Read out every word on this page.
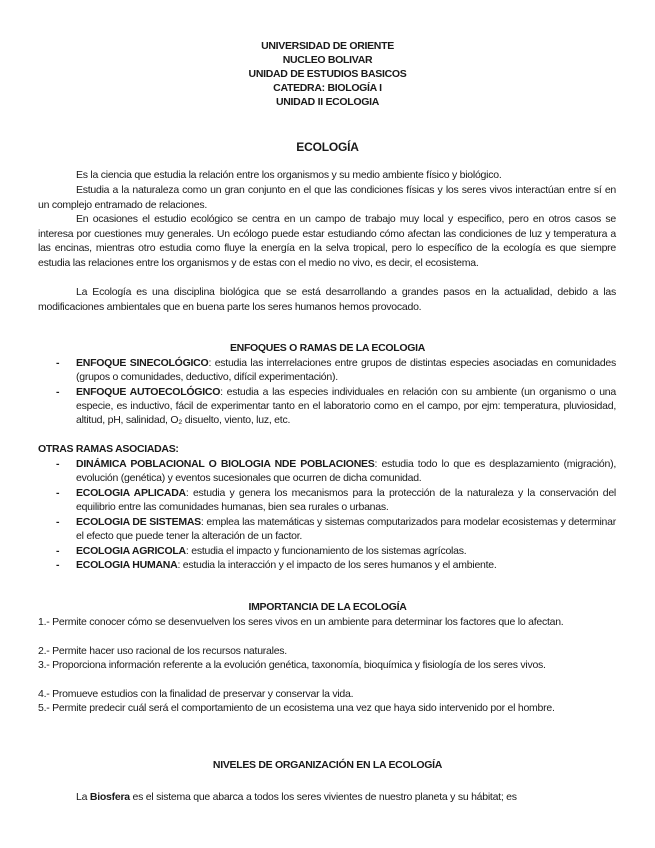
UNIVERSIDAD DE ORIENTE
NUCLEO BOLIVAR
UNIDAD DE ESTUDIOS BASICOS
CATEDRA: BIOLOGÍA I
UNIDAD II ECOLOGIA
ECOLOGÍA

Es la ciencia que estudia la relación entre los organismos y su medio ambiente físico y biológico.

Estudia a la naturaleza como un gran conjunto en el que las condiciones físicas y los seres vivos interactúan entre sí en un complejo entramado de relaciones.

En ocasiones el estudio ecológico se centra en un campo de trabajo muy local y especifico, pero en otros casos se interesa por cuestiones muy generales. Un ecólogo puede estar estudiando cómo afectan las condiciones de luz y temperatura a las encinas, mientras otro estudia como fluye la energía en la selva tropical, pero lo específico de la ecología es que siempre estudia las relaciones entre los organismos y de estas con el medio no vivo, es decir, el ecosistema.

La Ecología es una disciplina biológica que se está desarrollando a grandes pasos en la actualidad, debido a las modificaciones ambientales que en buena parte los seres humanos hemos provocado.

ENFOQUES O RAMAS DE LA ECOLOGIA
- ENFOQUE SINECOLÓGICO: estudia las interrelaciones entre grupos de distintas especies asociadas en comunidades (grupos o comunidades, deductivo, difícil experimentación).
- ENFOQUE AUTOECOLÓGICO: estudia a las especies individuales en relación con su ambiente (un organismo o una especie, es inductivo, fácil de experimentar tanto en el laboratorio como en el campo, por ejm: temperatura, pluviosidad, altitud, pH, salinidad, O₂ disuelto, viento, luz, etc.
OTRAS RAMAS ASOCIADAS:
- DINÁMICA POBLACIONAL O BIOLOGIA NDE POBLACIONES: estudia todo lo que es desplazamiento (migración), evolución (genética) y eventos sucesionales que ocurren de dicha comunidad.
- ECOLOGIA APLICADA: estudia y genera los mecanismos para la protección de la naturaleza y la conservación del equilibrio entre las comunidades humanas, bien sea rurales o urbanas.
- ECOLOGIA DE SISTEMAS: emplea las matemáticas y sistemas computarizados para modelar ecosistemas y determinar el efecto que puede tener la alteración de un factor.
- ECOLOGIA AGRICOLA: estudia el impacto y funcionamiento de los sistemas agrícolas.
- ECOLOGIA HUMANA: estudia la interacción y el impacto de los seres humanos y el ambiente.
IMPORTANCIA DE LA ECOLOGÍA

1.- Permite conocer cómo se desenvuelven los seres vivos en un ambiente para determinar los factores que lo afectan.

2.- Permite hacer uso racional de los recursos naturales.

3.- Proporciona información referente a la evolución genética, taxonomía, bioquímica y fisiología de los seres vivos.

4.- Promueve estudios con la finalidad de preservar y conservar la vida.

5.- Permite predecir cuál será el comportamiento de un ecosistema una vez que haya sido intervenido por el hombre.

NIVELES DE ORGANIZACIÓN EN LA ECOLOGÍA

La Biosfera es el sistema que abarca a todos los seres vivientes de nuestro planeta y su hábitat; es
